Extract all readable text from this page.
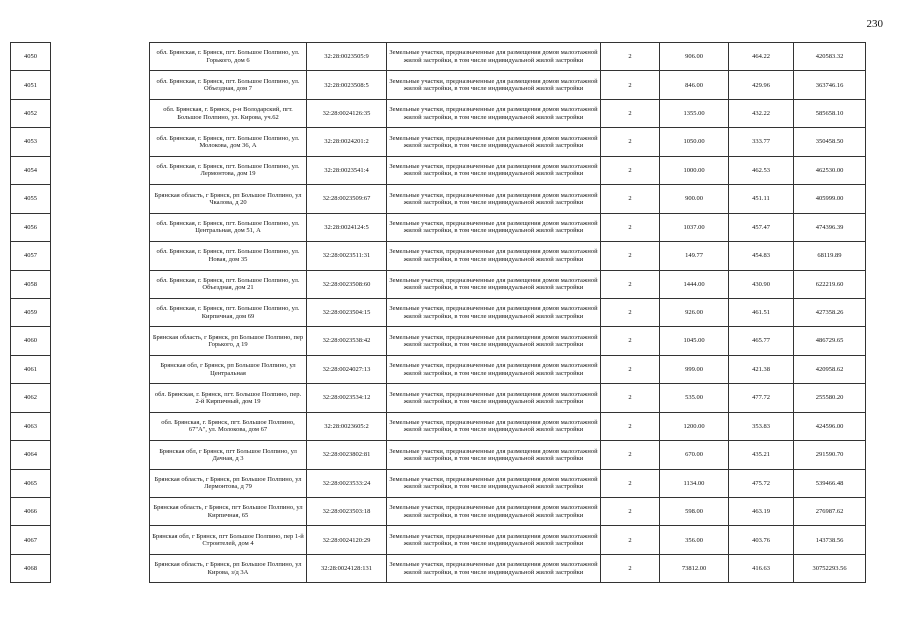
230
4050		обл. Брянская, г. Брянск, пгт. Большое Полпино, ул. Горького, дом 6	32:28:0023505:9	Земельные участки, предназначенные для размещения домов малоэтажной жилой застройки, в том числе индивидуальной жилой застройки	2	906.00	464.22	420583.32
4051		обл. Брянская, г. Брянск, пгт. Большое Полпино, ул. Объездная, дом 7	32:28:0023508:5	Земельные участки, предназначенные для размещения домов малоэтажной жилой застройки, в том числе индивидуальной жилой застройки	2	846.00	429.96	363746.16
4052		обл. Брянская, г. Брянск, р-н Володарский, пгт. Большое Полпино, ул. Кирова, уч.62	32:28:0024126:35	Земельные участки, предназначенные для размещения домов малоэтажной жилой застройки, в том числе индивидуальной жилой застройки	2	1355.00	432.22	585658.10
4053		обл. Брянская, г. Брянск, пгт. Большое Полпино, ул. Молокова, дом 36, А	32:28:0024201:2	Земельные участки, предназначенные для размещения домов малоэтажной жилой застройки, в том числе индивидуальной жилой застройки	2	1050.00	333.77	350458.50
4054		обл. Брянская, г. Брянск, пгт. Большое Полпино, ул. Лермонтова, дом 19	32:28:0023541:4	Земельные участки, предназначенные для размещения домов малоэтажной жилой застройки, в том числе индивидуальной жилой застройки	2	1000.00	462.53	462530.00
4055		Брянская область, г Брянск, рп Большое Полпино, ул Чкалова, д 20	32:28:0023509:67	Земельные участки, предназначенные для размещения домов малоэтажной жилой застройки, в том числе индивидуальной жилой застройки	2	900.00	451.11	405999.00
4056		обл. Брянская, г. Брянск, пгт. Большое Полпино, ул. Центральная, дом 51, А	32:28:0024124:5	Земельные участки, предназначенные для размещения домов малоэтажной жилой застройки, в том числе индивидуальной жилой застройки	2	1037.00	457.47	474396.39
4057		обл. Брянская, г. Брянск, пгт. Большое Полпино, ул. Новая, дом 35	32:28:0023511:31	Земельные участки, предназначенные для размещения домов малоэтажной жилой застройки, в том числе индивидуальной жилой застройки	2	149.77	454.83	68119.89
4058		обл. Брянская, г. Брянск, пгт. Большое Полпино, ул. Объездная, дом 21	32:28:0023508:60	Земельные участки, предназначенные для размещения домов малоэтажной жилой застройки, в том числе индивидуальной жилой застройки	2	1444.00	430.90	622219.60
4059		обл. Брянская, г. Брянск, пгт. Большое Полпино, ул. Кирпичная, дом 69	32:28:0023504:15	Земельные участки, предназначенные для размещения домов малоэтажной жилой застройки, в том числе индивидуальной жилой застройки	2	926.00	461.51	427358.26
4060		Брянская область, г Брянск, рп Большое Полпино, пер Горького, д 19	32:28:0023538:42	Земельные участки, предназначенные для размещения домов малоэтажной жилой застройки, в том числе индивидуальной жилой застройки	2	1045.00	465.77	486729.65
4061		Брянская обл, г Брянск, рп Большое Полпино, ул Центральная	32:28:0024027:13	Земельные участки, предназначенные для размещения домов малоэтажной жилой застройки, в том числе индивидуальной жилой застройки	2	999.00	421.38	420958.62
4062		обл. Брянская, г. Брянск, пгт. Большое Полпино, пер. 2-й Кирпичный, дом 19	32:28:0023534:12	Земельные участки, предназначенные для размещения домов малоэтажной жилой застройки, в том числе индивидуальной жилой застройки	2	535.00	477.72	255580.20
4063		обл. Брянская, г. Брянск, пгт. Большое Полпино, 67"А", ул. Молокова, дом 67	32:28:0023605:2	Земельные участки, предназначенные для размещения домов малоэтажной жилой застройки, в том числе индивидуальной жилой застройки	2	1200.00	353.83	424596.00
4064		Брянская обл, г Брянск, пгт Большое Полпино, ул Дачная, д 3	32:28:0023802:81	Земельные участки, предназначенные для размещения домов малоэтажной жилой застройки, в том числе индивидуальной жилой застройки	2	670.00	435.21	291590.70
4065		Брянская область, г Брянск, рп Большое Полпино, ул Лермонтова, д 79	32:28:0023533:24	Земельные участки, предназначенные для размещения домов малоэтажной жилой застройки, в том числе индивидуальной жилой застройки	2	1134.00	475.72	539466.48
4066		Брянская область, г Брянск, пгт Большое Полпино, ул Кирпичная, 65	32:28:0023503:18	Земельные участки, предназначенные для размещения домов малоэтажной жилой застройки, в том числе индивидуальной жилой застройки	2	598.00	463.19	276987.62
4067		Брянская обл, г Брянск, пгт Большое Полпино, пер 1-й Строителей, дом 4	32:28:0024120:29	Земельные участки, предназначенные для размещения домов малоэтажной жилой застройки, в том числе индивидуальной жилой застройки	2	356.00	403.76	143738.56
4068		Брянская область, г Брянск, рп Большое Полпино, ул Кирова, з/д 3А	32:28:0024128:131	Земельные участки, предназначенные для размещения домов малоэтажной жилой застройки, в том числе индивидуальной жилой застройки	2	73812.00	416.63	30752293.56
